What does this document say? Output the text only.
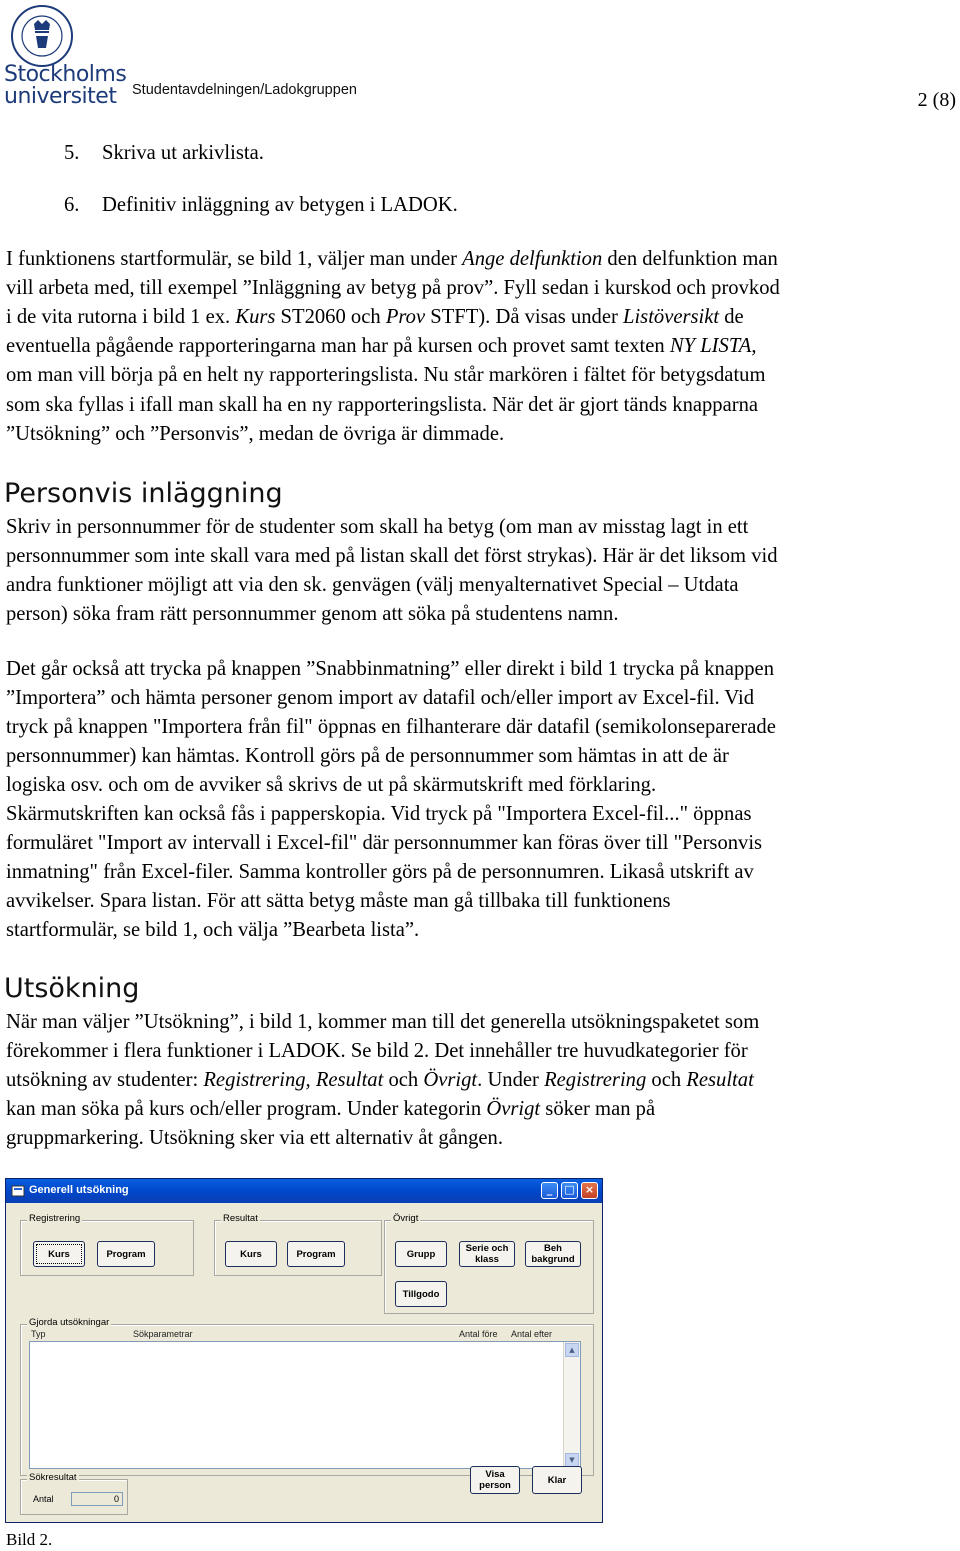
Stockholms
universitet Studentavdelningen/Ladokgruppen	2 (8)
5. Skriva ut arkivlista.
6. Definitiv inläggning av betygen i LADOK.
I funktionens startformulär, se bild 1, väljer man under Ange delfunktion den delfunktion man
vill arbeta med, till exempel ”Inläggning av betyg på prov”. Fyll sedan i kurskod och provkod
i de vita rutorna i bild 1 ex. Kurs ST2060 och Prov STFT). Då visas under Listöversikt de
eventuella pågående rapporteringarna man har på kursen och provet samt texten NY LISTA,
om man vill börja på en helt ny rapporteringslista. Nu står markören i fältet för betygsdatum
som ska fyllas i ifall man skall ha en ny rapporteringslista. När det är gjort tänds knapparna
”Utsökning” och ”Personvis”, medan de övriga är dimmade.
Personvis inläggning
Skriv in personnummer för de studenter som skall ha betyg (om man av misstag lagt in ett
personnummer som inte skall vara med på listan skall det först strykas). Här är det liksom vid
andra funktioner möjligt att via den sk. genvägen (välj menyalternativet Special – Utdata
person) söka fram rätt personnummer genom att söka på studentens namn.
Det går också att trycka på knappen ”Snabbinmatning” eller direkt i bild 1 trycka på knappen
”Importera” och hämta personer genom import av datafil och/eller import av Excel-fil. Vid
tryck på knappen "Importera från fil" öppnas en filhanterare där datafil (semikolonseparerade
personnummer) kan hämtas. Kontroll görs på de personnummer som hämtas in att de är
logiska osv. och om de avviker så skrivs de ut på skärmutskrift med förklaring.
Skärmutskriften kan också fås i papperskopia. Vid tryck på "Importera Excel-fil..." öppnas
formuläret "Import av intervall i Excel-fil" där personnummer kan föras över till "Personvis
inmatning" från Excel-filer. Samma kontroller görs på de personnumren. Likaså utskrift av
avvikelser. Spara listan. För att sätta betyg måste man gå tillbaka till funktionens
startformulär, se bild 1, och välja ”Bearbeta lista”.
Utsökning
När man väljer ”Utsökning”, i bild 1, kommer man till det generella utsökningspaketet som
förekommer i flera funktioner i LADOK. Se bild 2. Det innehåller tre huvudkategorier för
utsökning av studenter: Registrering, Resultat och Övrigt. Under Registrering och Resultat
kan man söka på kurs och/eller program. Under kategorin Övrigt söker man på
gruppmarkering. Utsökning sker via ett alternativ åt gången.
Generell utsökning	_	□ ×
Registrering
Kurs	Program
Resultat
Kurs	Program
Övrigt
Grupp	Serie och klass
Beh bakgrund
Tillgodo
Gjorda utsökningar
Typ	Sökparametrar	Antal före Antal efter
▲
▼
Sökresultat
Antal	0
Visa person	Klar
Bild 2.
